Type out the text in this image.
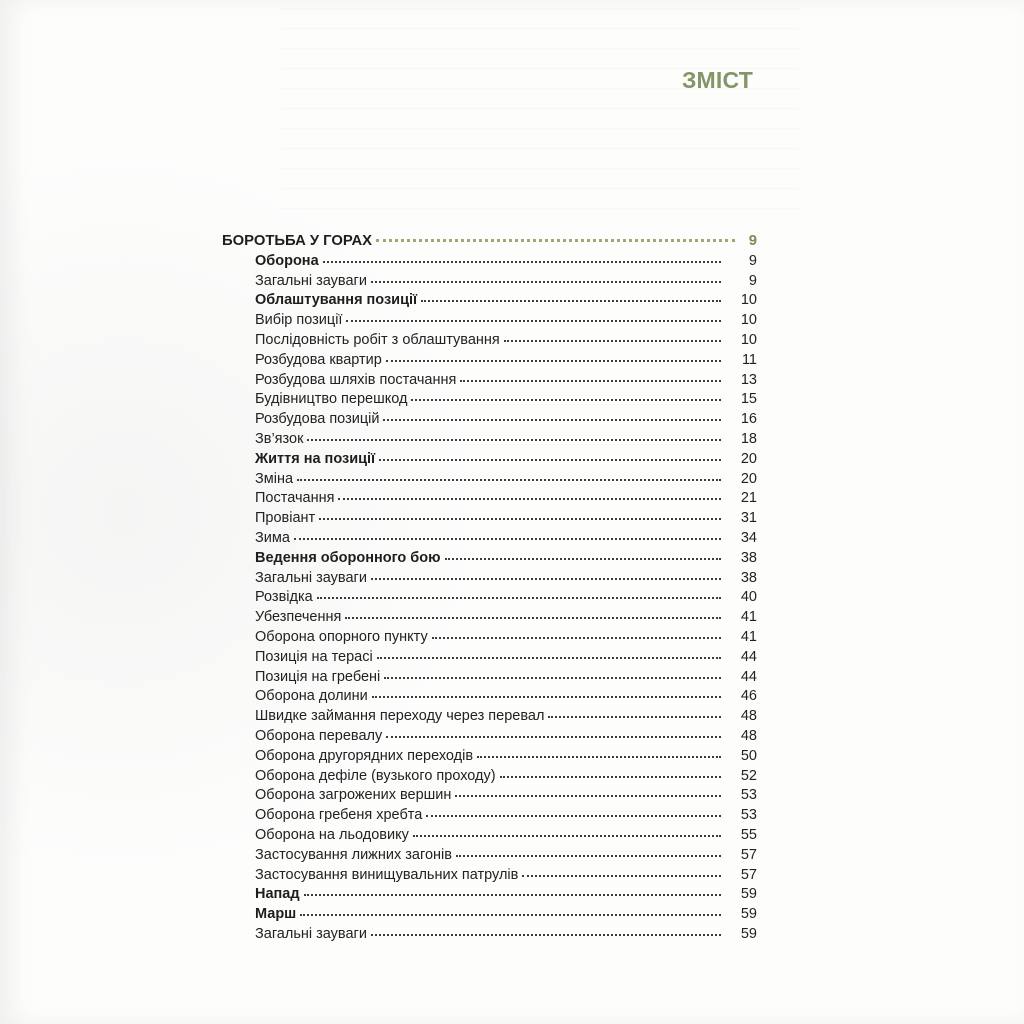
ЗМІСТ
БОРОТЬБА У ГОРАХ	9
Оборона	9
Загальні зауваги	9
Облаштування позиції	10
Вибір позиції	10
Послідовність робіт з облаштування	10
Розбудова квартир	11
Розбудова шляхів постачання	13
Будівництво перешкод	15
Розбудова позицій	16
Зв’язок	18
Життя на позиції	20
Зміна	20
Постачання	21
Провіант	31
Зима	34
Ведення оборонного бою	38
Загальні зауваги	38
Розвідка	40
Убезпечення	41
Оборона опорного пункту	41
Позиція на терасі	44
Позиція на гребені	44
Оборона долини	46
Швидке займання переходу через перевал	48
Оборона перевалу	48
Оборона другорядних переходів	50
Оборона дефіле (вузького проходу)	52
Оборона загрожених вершин	53
Оборона гребеня хребта	53
Оборона на льодовику	55
Застосування лижних загонів	57
Застосування винищувальних патрулів	57
Напад	59
Марш	59
Загальні зауваги	59
